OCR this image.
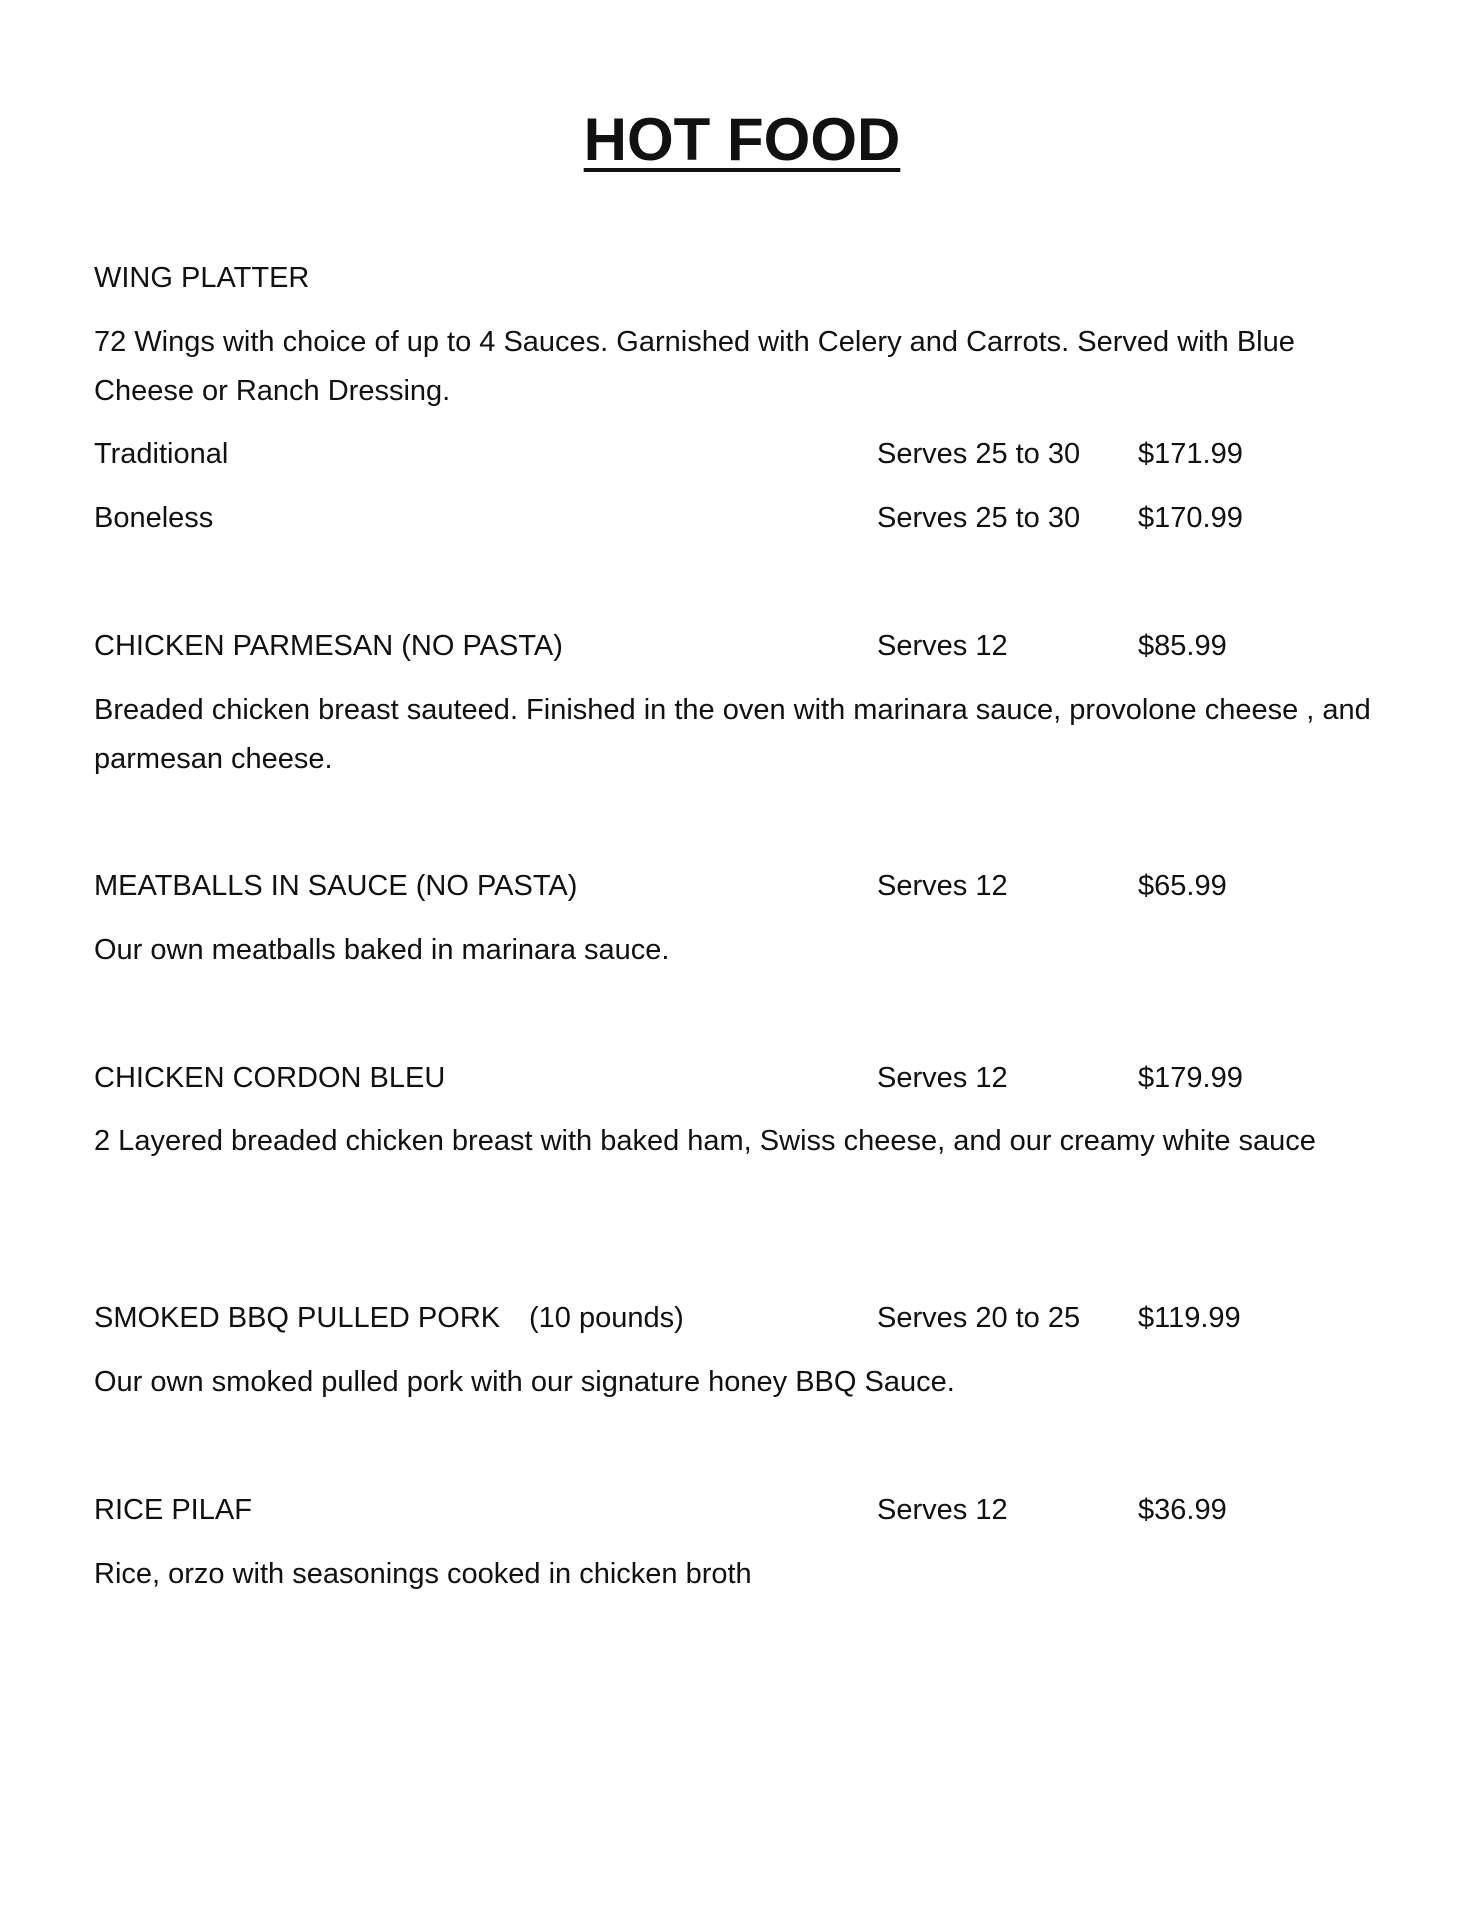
HOT FOOD
WING PLATTER
72 Wings with choice of up to 4 Sauces. Garnished with Celery and Carrots. Served with Blue Cheese or Ranch Dressing.
Traditional	Serves 25 to 30 $171.99
Boneless	Serves 25 to 30 $170.99
CHICKEN PARMESAN (NO PASTA)	Serves 12	$85.99
Breaded chicken breast sauteed. Finished in the oven with marinara sauce, provolone cheese , and parmesan cheese.
MEATBALLS IN SAUCE (NO PASTA)	Serves 12	$65.99
Our own meatballs baked in marinara sauce.
CHICKEN CORDON BLEU	Serves 12	$179.99
2 Layered breaded chicken breast with baked ham, Swiss cheese, and our creamy white sauce
SMOKED BBQ PULLED PORK (10 pounds)	Serves 20 to 25 $119.99
Our own smoked pulled pork with our signature honey BBQ Sauce.
RICE PILAF	Serves 12	$36.99
Rice, orzo with seasonings cooked in chicken broth
